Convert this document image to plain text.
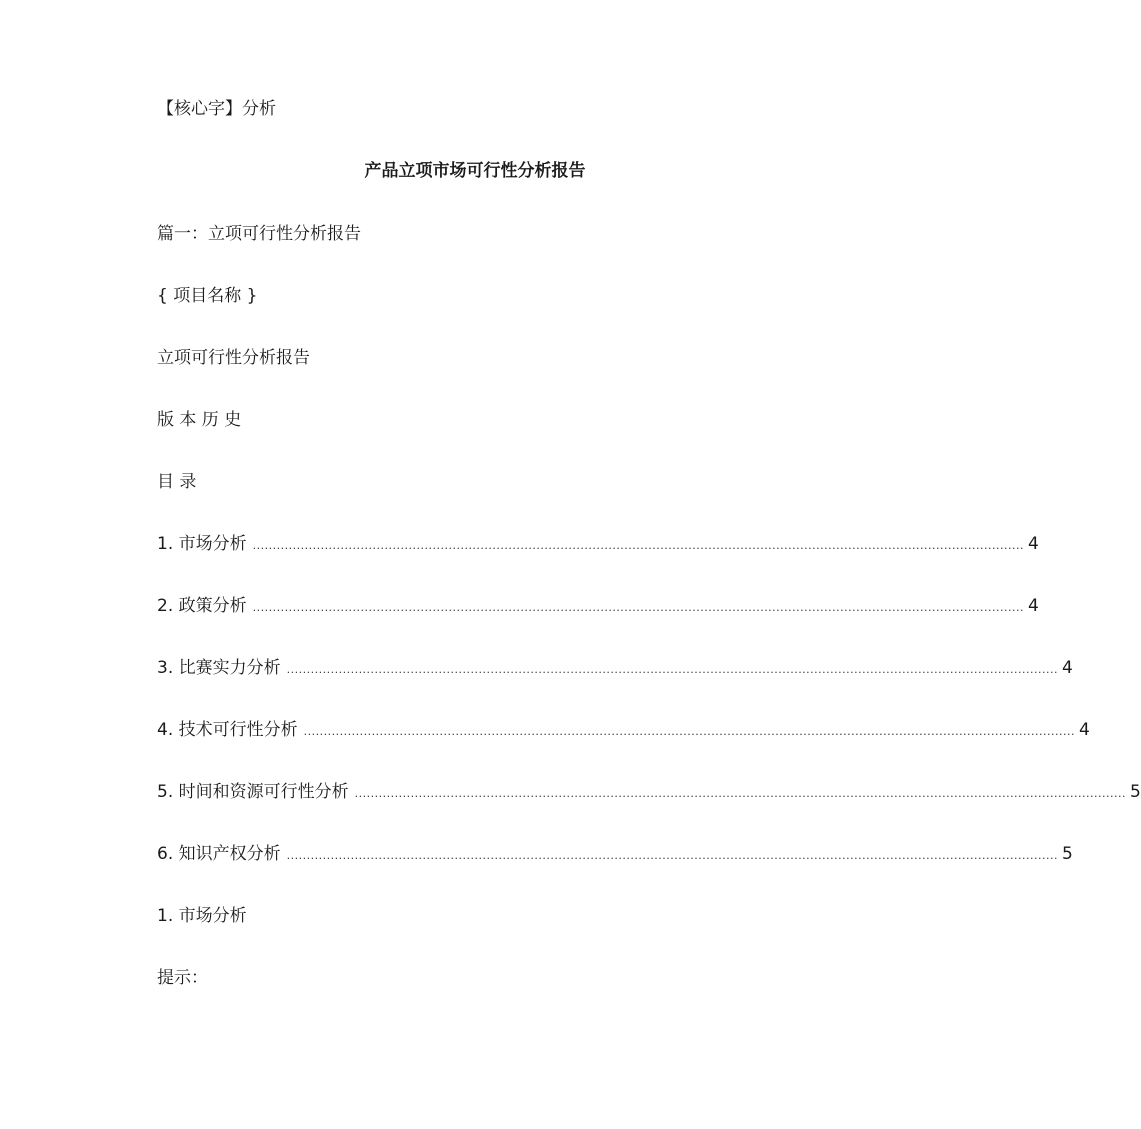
【核心字】分析
产品立项市场可行性分析报告
篇一：立项可行性分析报告
{ 项目名称 }
立项可行性分析报告
版 本 历 史
目 录
1. 市场分析 ................................................................................................................................................................................................. 4
2. 政策分析 ................................................................................................................................................................................................. 4
3. 比赛实力分析 ................................................................................................................................................................................................. 4
4. 技术可行性分析 ................................................................................................................................................................................................. 4
5. 时间和资源可行性分析 ................................................................................................................................................................................................. 5
6. 知识产权分析 ................................................................................................................................................................................................. 5
1. 市场分析
提示：
